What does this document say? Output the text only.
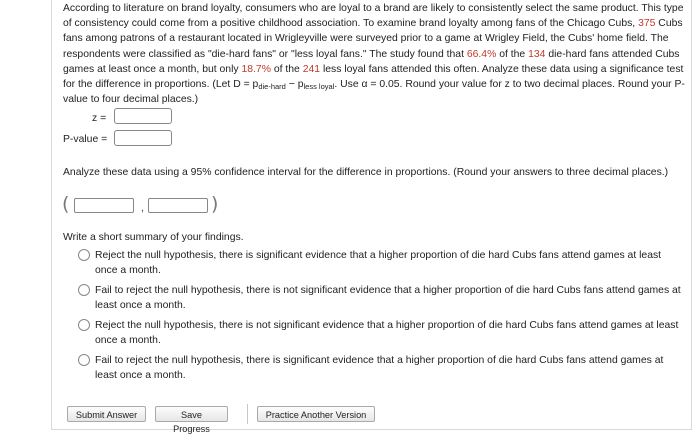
According to literature on brand loyalty, consumers who are loyal to a brand are likely to consistently select the same product. This type of consistency could come from a positive childhood association. To examine brand loyalty among fans of the Chicago Cubs, 375 Cubs fans among patrons of a restaurant located in Wrigleyville were surveyed prior to a game at Wrigley Field, the Cubs' home field. The respondents were classified as "die-hard fans" or "less loyal fans." The study found that 66.4% of the 134 die-hard fans attended Cubs games at least once a month, but only 18.7% of the 241 less loyal fans attended this often. Analyze these data using a significance test for the difference in proportions. (Let D = pdie-hard − pless loyal. Use α = 0.05. Round your value for z to two decimal places. Round your P-value to four decimal places.)

z =
P-value =
Analyze these data using a 95% confidence interval for the difference in proportions. (Round your answers to three decimal places.)
(	,	)
Write a short summary of your findings.
Reject the null hypothesis, there is significant evidence that a higher proportion of die hard Cubs fans attend games at least once a month.
Fail to reject the null hypothesis, there is not significant evidence that a higher proportion of die hard Cubs fans attend games at least once a month.
Reject the null hypothesis, there is not significant evidence that a higher proportion of die hard Cubs fans attend games at least once a month.
Fail to reject the null hypothesis, there is significant evidence that a higher proportion of die hard Cubs fans attend games at least once a month.
Submit Answer	Save Progress
Practice Another Version
